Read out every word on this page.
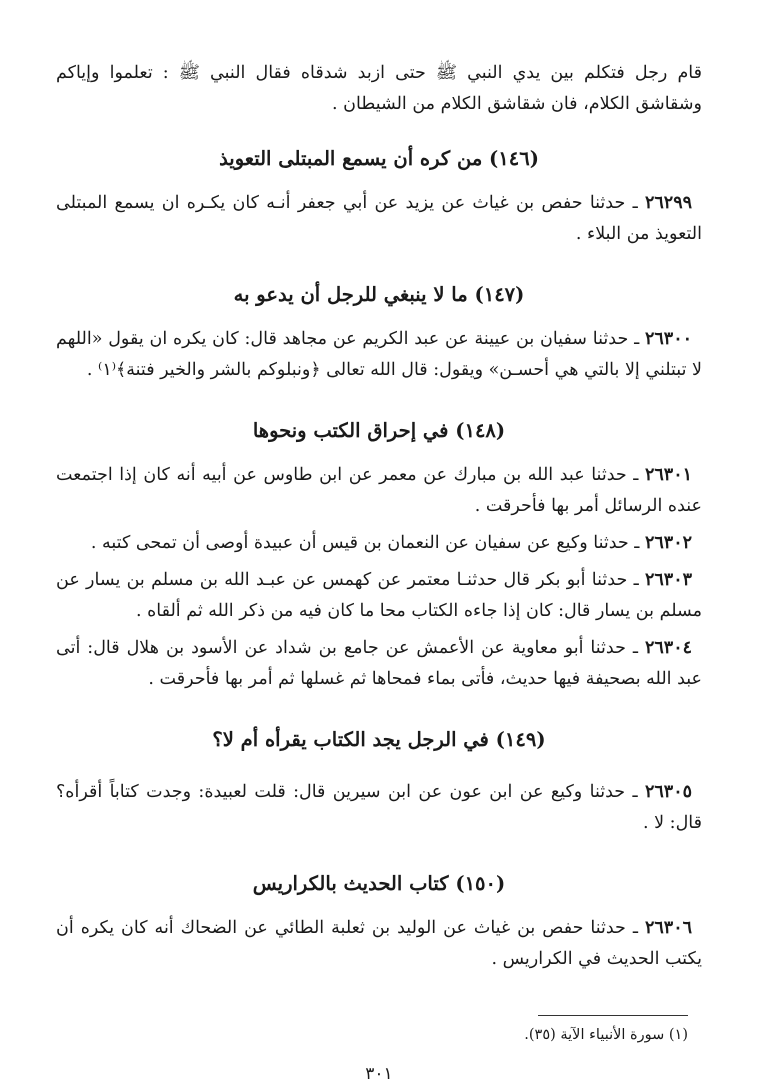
قام رجل فتكلم بين يدي النبي ﷺ حتى ازبد شدقاه فقال النبي ﷺ : تعلموا وإياكم وشقاشق الكلام، فان شقاشق الكلام من الشيطان .

(١٤٦) من كره أن يسمع المبتلى التعويذ

٢٦٢٩٩ ـ حدثنا حفص بن غياث عن يزيد عن أبي جعفر أنـه كان يكـره ان يسمع المبتلى التعويذ من البلاء .

(١٤٧) ما لا ينبغي للرجل أن يدعو به

٢٦٣٠٠ ـ حدثنا سفيان بن عيينة عن عبد الكريم عن مجاهد قال: كان يكره ان يقول «اللهم لا تبتلني إلا بالتي هي أحسـن» ويقول: قال الله تعالى ﴿ونبلوكم بالشر والخير فتنة﴾⁽١⁾ .

(١٤٨) في إحراق الكتب ونحوها

٢٦٣٠١ ـ حدثنا عبد الله بن مبارك عن معمر عن ابن طاوس عن أبيه أنه كان إذا اجتمعت عنده الرسائل أمر بها فأحرقت .

٢٦٣٠٢ ـ حدثنا وكيع عن سفيان عن النعمان بن قيس أن عبيدة أوصى أن تمحى كتبه .

٢٦٣٠٣ ـ حدثنا أبو بكر قال حدثنـا معتمر عن كهمس عن عبـد الله بن مسلم بن يسار عن مسلم بن يسار قال: كان إذا جاءه الكتاب محا ما كان فيه من ذكر الله ثم ألقاه .

٢٦٣٠٤ ـ حدثنا أبو معاوية عن الأعمش عن جامع بن شداد عن الأسود بن هلال قال: أتى عبد الله بصحيفة فيها حديث، فأتى بماء فمحاها ثم غسلها ثم أمر بها فأحرقت .

(١٤٩) في الرجل يجد الكتاب يقرأه أم لا؟

٢٦٣٠٥ ـ حدثنا وكيع عن ابن عون عن ابن سيرين قال: قلت لعبيدة: وجدت كتاباً أقرأه؟ قال: لا .

(١٥٠) كتاب الحديث بالكراريس

٢٦٣٠٦ ـ حدثنا حفص بن غياث عن الوليد بن ثعلبة الطائي عن الضحاك أنه كان يكره أن يكتب الحديث في الكراريس .

(١) سورة الأنبياء الآية (٣٥).

٣٠١
